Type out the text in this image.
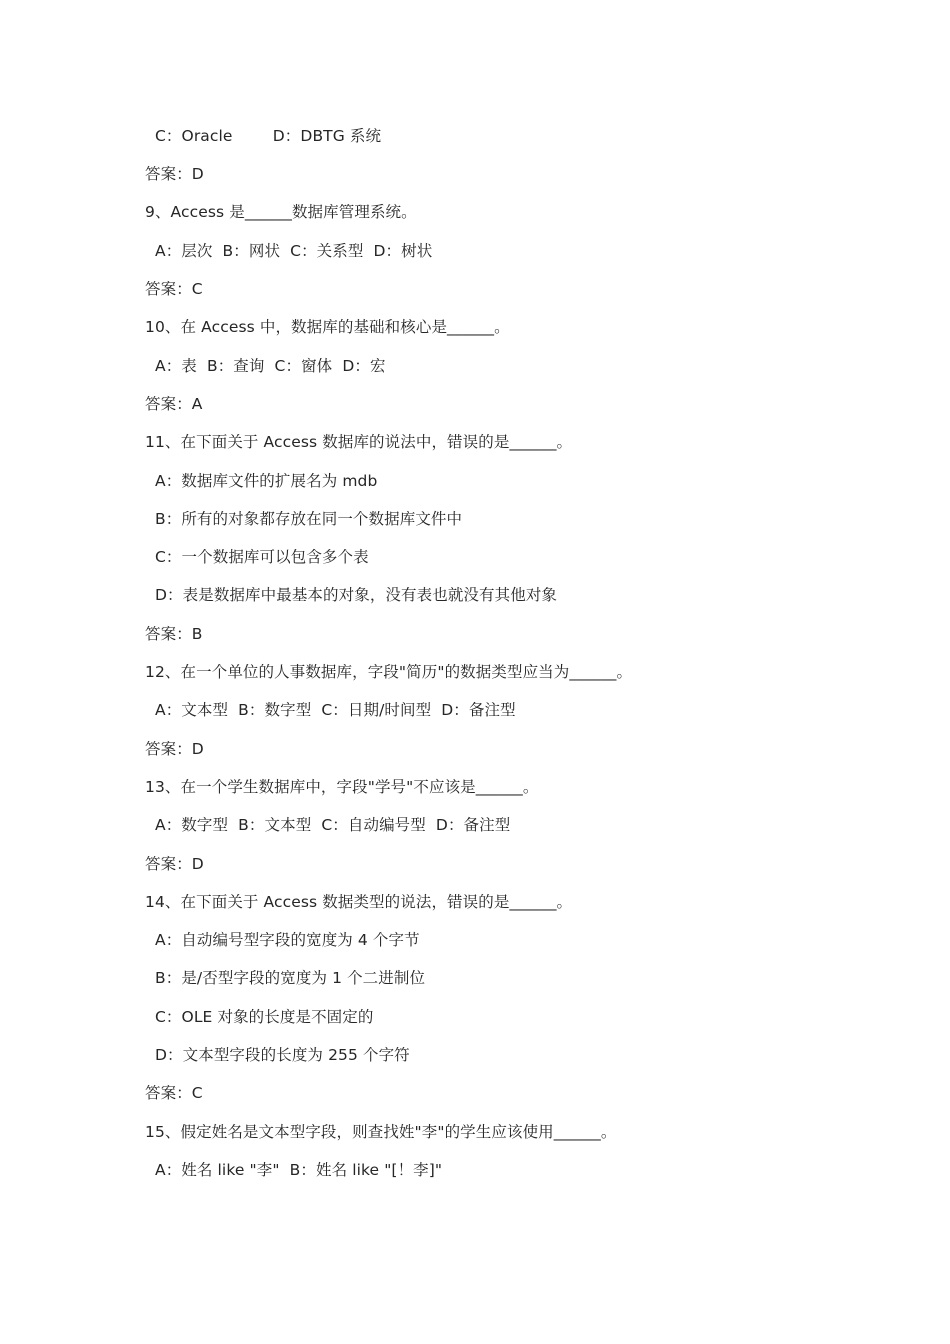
C：Oracle        D：DBTG 系统
答案：D
9、Access 是______数据库管理系统。
A：层次  B：网状  C：关系型  D：树状
答案：C
10、在 Access 中，数据库的基础和核心是______。
A：表  B：查询  C：窗体  D：宏
答案：A
11、在下面关于 Access 数据库的说法中，错误的是______。
A：数据库文件的扩展名为 mdb
B：所有的对象都存放在同一个数据库文件中
C：一个数据库可以包含多个表
D：表是数据库中最基本的对象，没有表也就没有其他对象
答案：B
12、在一个单位的人事数据库，字段"简历"的数据类型应当为______。
A：文本型  B：数字型  C：日期/时间型  D：备注型
答案：D
13、在一个学生数据库中，字段"学号"不应该是______。
A：数字型  B：文本型  C：自动编号型  D：备注型
答案：D
14、在下面关于 Access 数据类型的说法，错误的是______。
A：自动编号型字段的宽度为 4 个字节
B：是/否型字段的宽度为 1 个二进制位
C：OLE 对象的长度是不固定的
D：文本型字段的长度为 255 个字符
答案：C
15、假定姓名是文本型字段，则查找姓"李"的学生应该使用______。
A：姓名 like "李"  B：姓名 like "[！李]"
